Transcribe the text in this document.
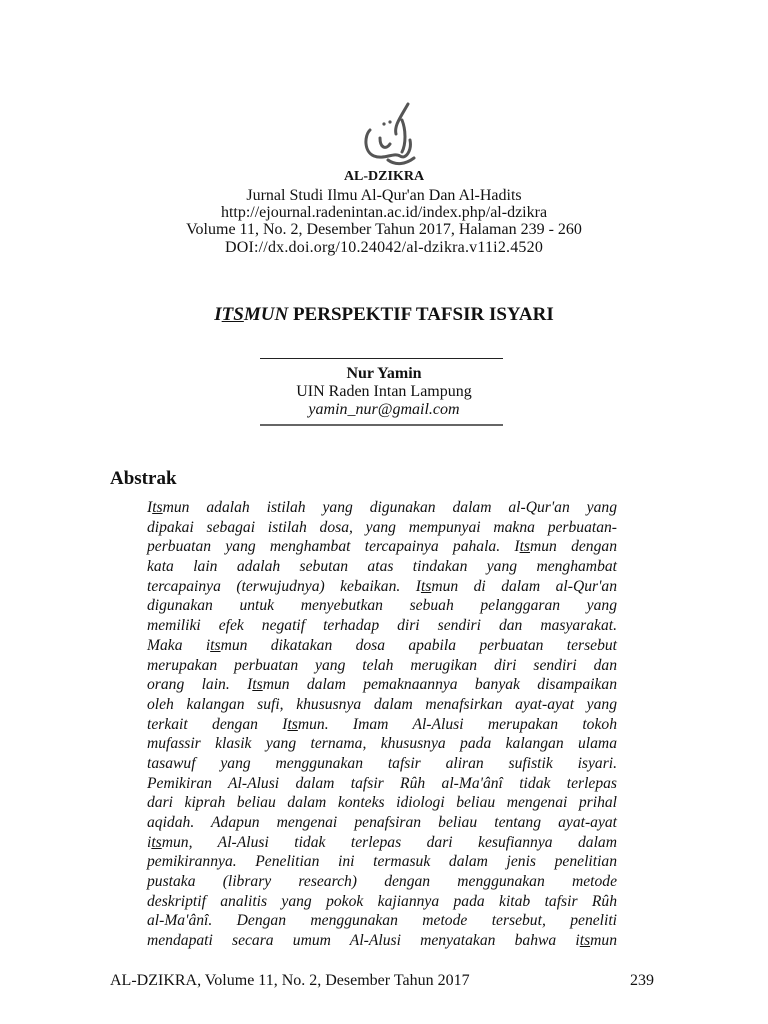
AL-DZIKRA
Jurnal Studi Ilmu Al-Qur'an Dan Al-Hadits
http://ejournal.radenintan.ac.id/index.php/al-dzikra
Volume 11, No. 2, Desember Tahun 2017, Halaman 239 - 260
DOI://dx.doi.org/10.24042/al-dzikra.v11i2.4520
ITSMUN PERSPEKTIF TAFSIR ISYARI
Nur Yamin
UIN Raden Intan Lampung
yamin_nur@gmail.com
Abstrak
Itsmun adalah istilah yang digunakan dalam al-Qur'an yang
dipakai sebagai istilah dosa, yang mempunyai makna perbuatan-
perbuatan yang menghambat tercapainya pahala. Itsmun dengan
kata lain adalah sebutan atas tindakan yang menghambat
tercapainya (terwujudnya) kebaikan. Itsmun di dalam al-Qur'an
digunakan untuk menyebutkan sebuah pelanggaran yang
memiliki efek negatif terhadap diri sendiri dan masyarakat.
Maka itsmun dikatakan dosa apabila perbuatan tersebut
merupakan perbuatan yang telah merugikan diri sendiri dan
orang lain. Itsmun dalam pemaknaannya banyak disampaikan
oleh kalangan sufi, khususnya dalam menafsirkan ayat-ayat yang
terkait dengan Itsmun. Imam Al-Alusi merupakan tokoh
mufassir klasik yang ternama, khususnya pada kalangan ulama
tasawuf yang menggunakan tafsir aliran sufistik isyari.
Pemikiran Al-Alusi dalam tafsir Rûh al-Ma'ânî tidak terlepas
dari kiprah beliau dalam konteks idiologi beliau mengenai prihal
aqidah. Adapun mengenai penafsiran beliau tentang ayat-ayat
itsmun, Al-Alusi tidak terlepas dari kesufiannya dalam
pemikirannya. Penelitian ini termasuk dalam jenis penelitian
pustaka (library research) dengan menggunakan metode
deskriptif analitis yang pokok kajiannya pada kitab tafsir Rûh
al-Ma'ânî. Dengan menggunakan metode tersebut, peneliti
mendapati secara umum Al-Alusi menyatakan bahwa itsmun
AL-DZIKRA, Volume 11, No. 2, Desember Tahun 2017	239
